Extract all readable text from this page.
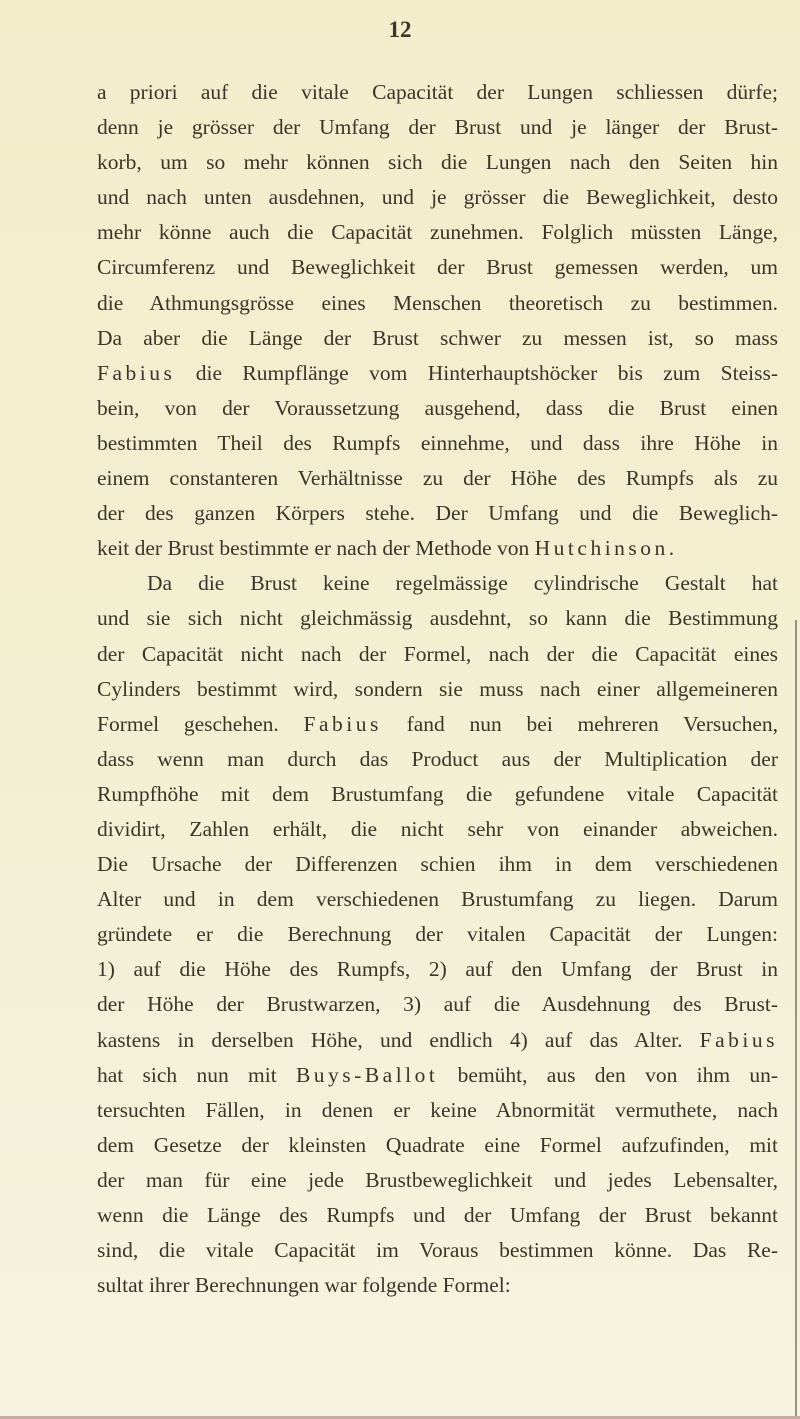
12
a priori auf die vitale Capacität der Lungen schliessen dürfe;
denn je grösser der Umfang der Brust und je länger der Brust-
korb, um so mehr können sich die Lungen nach den Seiten hin
und nach unten ausdehnen, und je grösser die Beweglichkeit, desto
mehr könne auch die Capacität zunehmen. Folglich müssten Länge,
Circumferenz und Beweglichkeit der Brust gemessen werden, um
die Athmungsgrösse eines Menschen theoretisch zu bestimmen.
Da aber die Länge der Brust schwer zu messen ist, so mass
Fabius die Rumpflänge vom Hinterhauptshöcker bis zum Steiss-
bein, von der Voraussetzung ausgehend, dass die Brust einen
bestimmten Theil des Rumpfs einnehme, und dass ihre Höhe in
einem constanteren Verhältnisse zu der Höhe des Rumpfs als zu
der des ganzen Körpers stehe. Der Umfang und die Beweglich-
keit der Brust bestimmte er nach der Methode von Hutchinson.
Da die Brust keine regelmässige cylindrische Gestalt hat
und sie sich nicht gleichmässig ausdehnt, so kann die Bestimmung
der Capacität nicht nach der Formel, nach der die Capacität eines
Cylinders bestimmt wird, sondern sie muss nach einer allgemeineren
Formel geschehen. Fabius fand nun bei mehreren Versuchen,
dass wenn man durch das Product aus der Multiplication der
Rumpfhöhe mit dem Brustumfang die gefundene vitale Capacität
dividirt, Zahlen erhält, die nicht sehr von einander abweichen.
Die Ursache der Differenzen schien ihm in dem verschiedenen
Alter und in dem verschiedenen Brustumfang zu liegen. Darum
gründete er die Berechnung der vitalen Capacität der Lungen:
1) auf die Höhe des Rumpfs, 2) auf den Umfang der Brust in
der Höhe der Brustwarzen, 3) auf die Ausdehnung des Brust-
kastens in derselben Höhe, und endlich 4) auf das Alter. Fabius
hat sich nun mit Buys-Ballot bemüht, aus den von ihm un-
tersuchten Fällen, in denen er keine Abnormität vermuthete, nach
dem Gesetze der kleinsten Quadrate eine Formel aufzufinden, mit
der man für eine jede Brustbeweglichkeit und jedes Lebensalter,
wenn die Länge des Rumpfs und der Umfang der Brust bekannt
sind, die vitale Capacität im Voraus bestimmen könne. Das Re-
sultat ihrer Berechnungen war folgende Formel:
